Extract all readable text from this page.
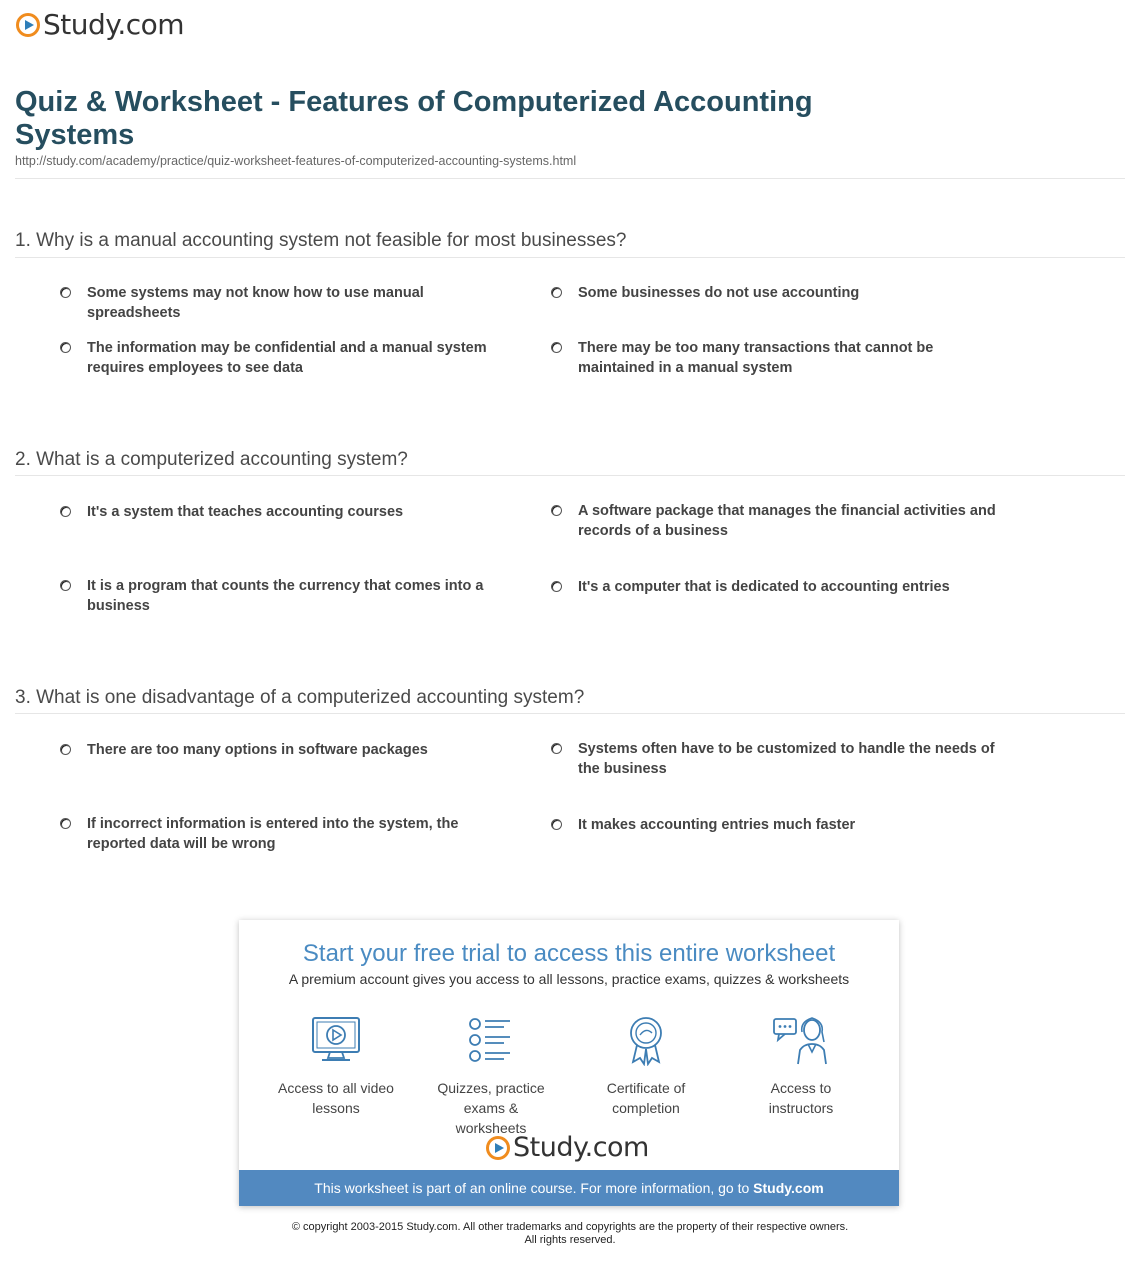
Study.com
Quiz & Worksheet - Features of Computerized Accounting Systems
http://study.com/academy/practice/quiz-worksheet-features-of-computerized-accounting-systems.html
1. Why is a manual accounting system not feasible for most businesses?
Some systems may not know how to use manual spreadsheets
Some businesses do not use accounting
The information may be confidential and a manual system requires employees to see data
There may be too many transactions that cannot be maintained in a manual system
2. What is a computerized accounting system?
It's a system that teaches accounting courses	A software package that manages the financial activities and records of a business
It is a program that counts the currency that comes into a business
It's a computer that is dedicated to accounting entries
3. What is one disadvantage of a computerized accounting system?
There are too many options in software packages	Systems often have to be customized to handle the needs of the business
If incorrect information is entered into the system, the reported data will be wrong
It makes accounting entries much faster
Start your free trial to access this entire worksheet
A premium account gives you access to all lessons, practice exams, quizzes & worksheets
Access to all video lessons
Quizzes, practice exams & worksheets
Certificate of completion
Access to instructors
Study.com
This worksheet is part of an online course. For more information, go to Study.com
© copyright 2003-2015 Study.com. All other trademarks and copyrights are the property of their respective owners.
All rights reserved.
